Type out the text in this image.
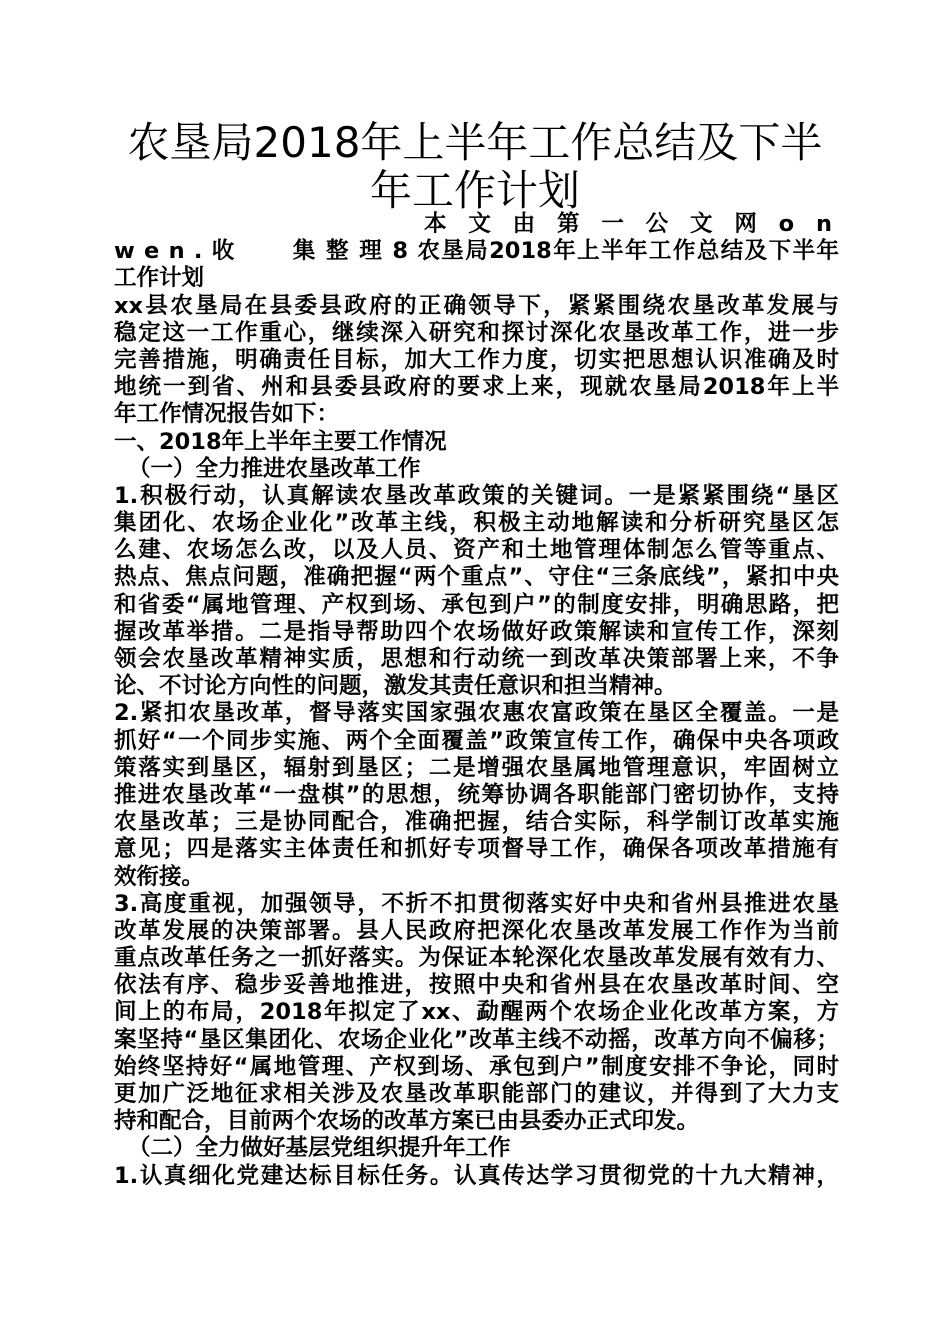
农垦局2018年上半年工作总结及下半
年工作计划
本 文 由 第 一 公 文 网 o n
w e n . 收　　 集 整 理 8 农垦局2018年上半年工作总结及下半年
工作计划
xx县农垦局在县委县政府的正确领导下，紧紧围绕农垦改革发展与
稳定这一工作重心，继续深入研究和探讨深化农垦改革工作，进一步
完善措施，明确责任目标，加大工作力度，切实把思想认识准确及时
地统一到省、州和县委县政府的要求上来，现就农垦局2018年上半
年工作情况报告如下：
一、2018年上半年主要工作情况
（一）全力推进农垦改革工作
1.积极行动，认真解读农垦改革政策的关键词。一是紧紧围绕“垦区
集团化、农场企业化”改革主线，积极主动地解读和分析研究垦区怎
么建、农场怎么改，以及人员、资产和土地管理体制怎么管等重点、
热点、焦点问题，准确把握“两个重点”、守住“三条底线”，紧扣中央
和省委“属地管理、产权到场、承包到户”的制度安排，明确思路，把
握改革举措。二是指导帮助四个农场做好政策解读和宣传工作，深刻
领会农垦改革精神实质，思想和行动统一到改革决策部署上来，不争
论、不讨论方向性的问题，激发其责任意识和担当精神。
2.紧扣农垦改革，督导落实国家强农惠农富政策在垦区全覆盖。一是
抓好“一个同步实施、两个全面覆盖”政策宣传工作，确保中央各项政
策落实到垦区，辐射到垦区；二是增强农垦属地管理意识，牢固树立
推进农垦改革“一盘棋”的思想，统筹协调各职能部门密切协作，支持
农垦改革；三是协同配合，准确把握，结合实际，科学制订改革实施
意见；四是落实主体责任和抓好专项督导工作，确保各项改革措施有
效衔接。
3.高度重视，加强领导，不折不扣贯彻落实好中央和省州县推进农垦
改革发展的决策部署。县人民政府把深化农垦改革发展工作作为当前
重点改革任务之一抓好落实。为保证本轮深化农垦改革发展有效有力、
依法有序、稳步妥善地推进，按照中央和省州县在农垦改革时间、空
间上的布局，2018年拟定了xx、勐醒两个农场企业化改革方案，方
案坚持“垦区集团化、农场企业化”改革主线不动摇，改革方向不偏移；
始终坚持好“属地管理、产权到场、承包到户”制度安排不争论，同时
更加广泛地征求相关涉及农垦改革职能部门的建议，并得到了大力支
持和配合，目前两个农场的改革方案已由县委办正式印发。
（二）全力做好基层党组织提升年工作
1.认真细化党建达标目标任务。认真传达学习贯彻党的十九大精神，
